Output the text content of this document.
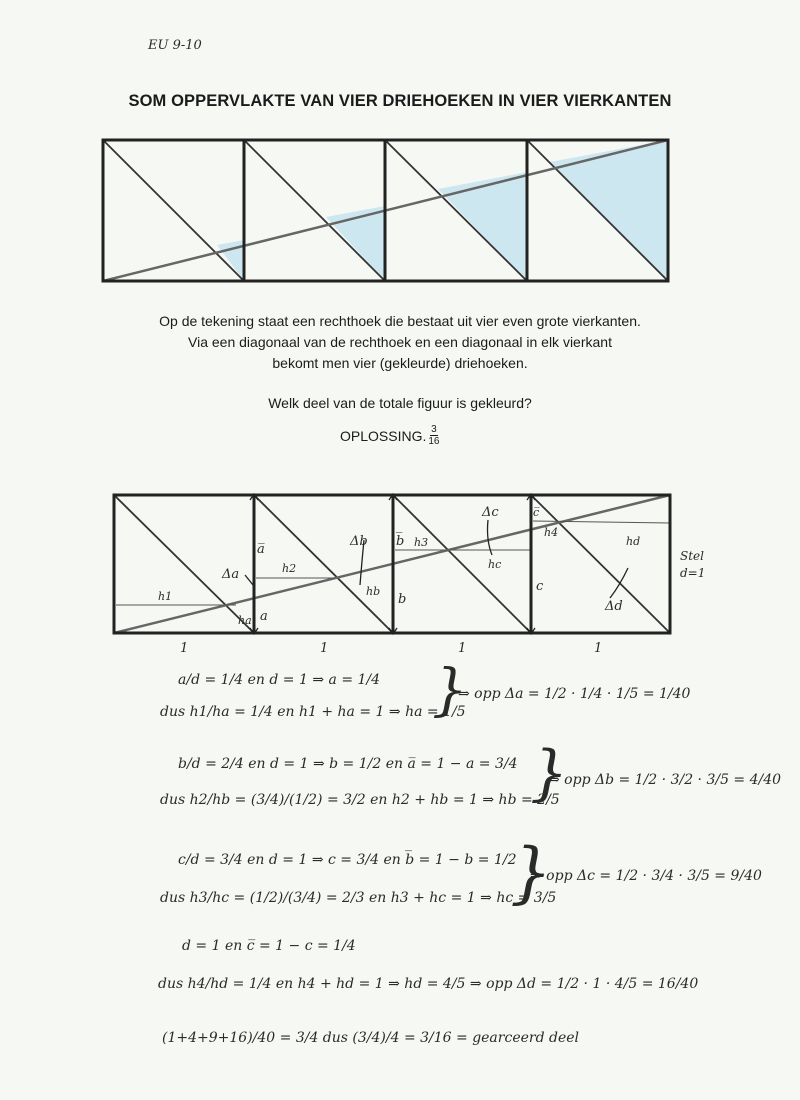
EU 9-10
SOM OPPERVLAKTE VAN VIER DRIEHOEKEN IN VIER VIERKANTEN
Op de tekening staat een rechthoek die bestaat uit vier even grote vierkanten.
Via een diagonaal van de rechthoek en een diagonaal in elk vierkant
bekomt men vier (gekleurde) driehoeken.
Welk deel van de totale figuur is gekleurd?
OPLOSSING. $\frac{3}{16}$
Δa
Δb
Δc
Δd
h1
h2
h3
h4
ha
hb
hc
hd
a
a̅
b
b̅
c
c̅
Stel
d=1
1	1	1	1
a/d = 1/4 en d = 1 ⇒ a = 1/4
dus h1/ha = 1/4 en h1 + ha = 1 ⇒ ha = 1/5
}
⇒ opp Δa = 1/2 · 1/4 · 1/5 = 1/40
b/d = 2/4 en d = 1 ⇒ b = 1/2 en a̅ = 1 − a = 3/4
dus h2/hb = (3/4)/(1/2) = 3/2 en h2 + hb = 1 ⇒ hb = 2/5
}
⇒ opp Δb = 1/2 · 3/2 · 3/5 = 4/40
c/d = 3/4 en d = 1 ⇒ c = 3/4 en b̅ = 1 − b = 1/2
dus h3/hc = (1/2)/(3/4) = 2/3 en h3 + hc = 1 ⇒ hc = 3/5
}
⇒ opp Δc = 1/2 · 3/4 · 3/5 = 9/40
d = 1 en c̅ = 1 − c = 1/4
dus h4/hd = 1/4 en h4 + hd = 1 ⇒ hd = 4/5 ⇒ opp Δd = 1/2 · 1 · 4/5 = 16/40
(1+4+9+16)/40 = 3/4 dus (3/4)/4 = 3/16 = gearceerd deel
